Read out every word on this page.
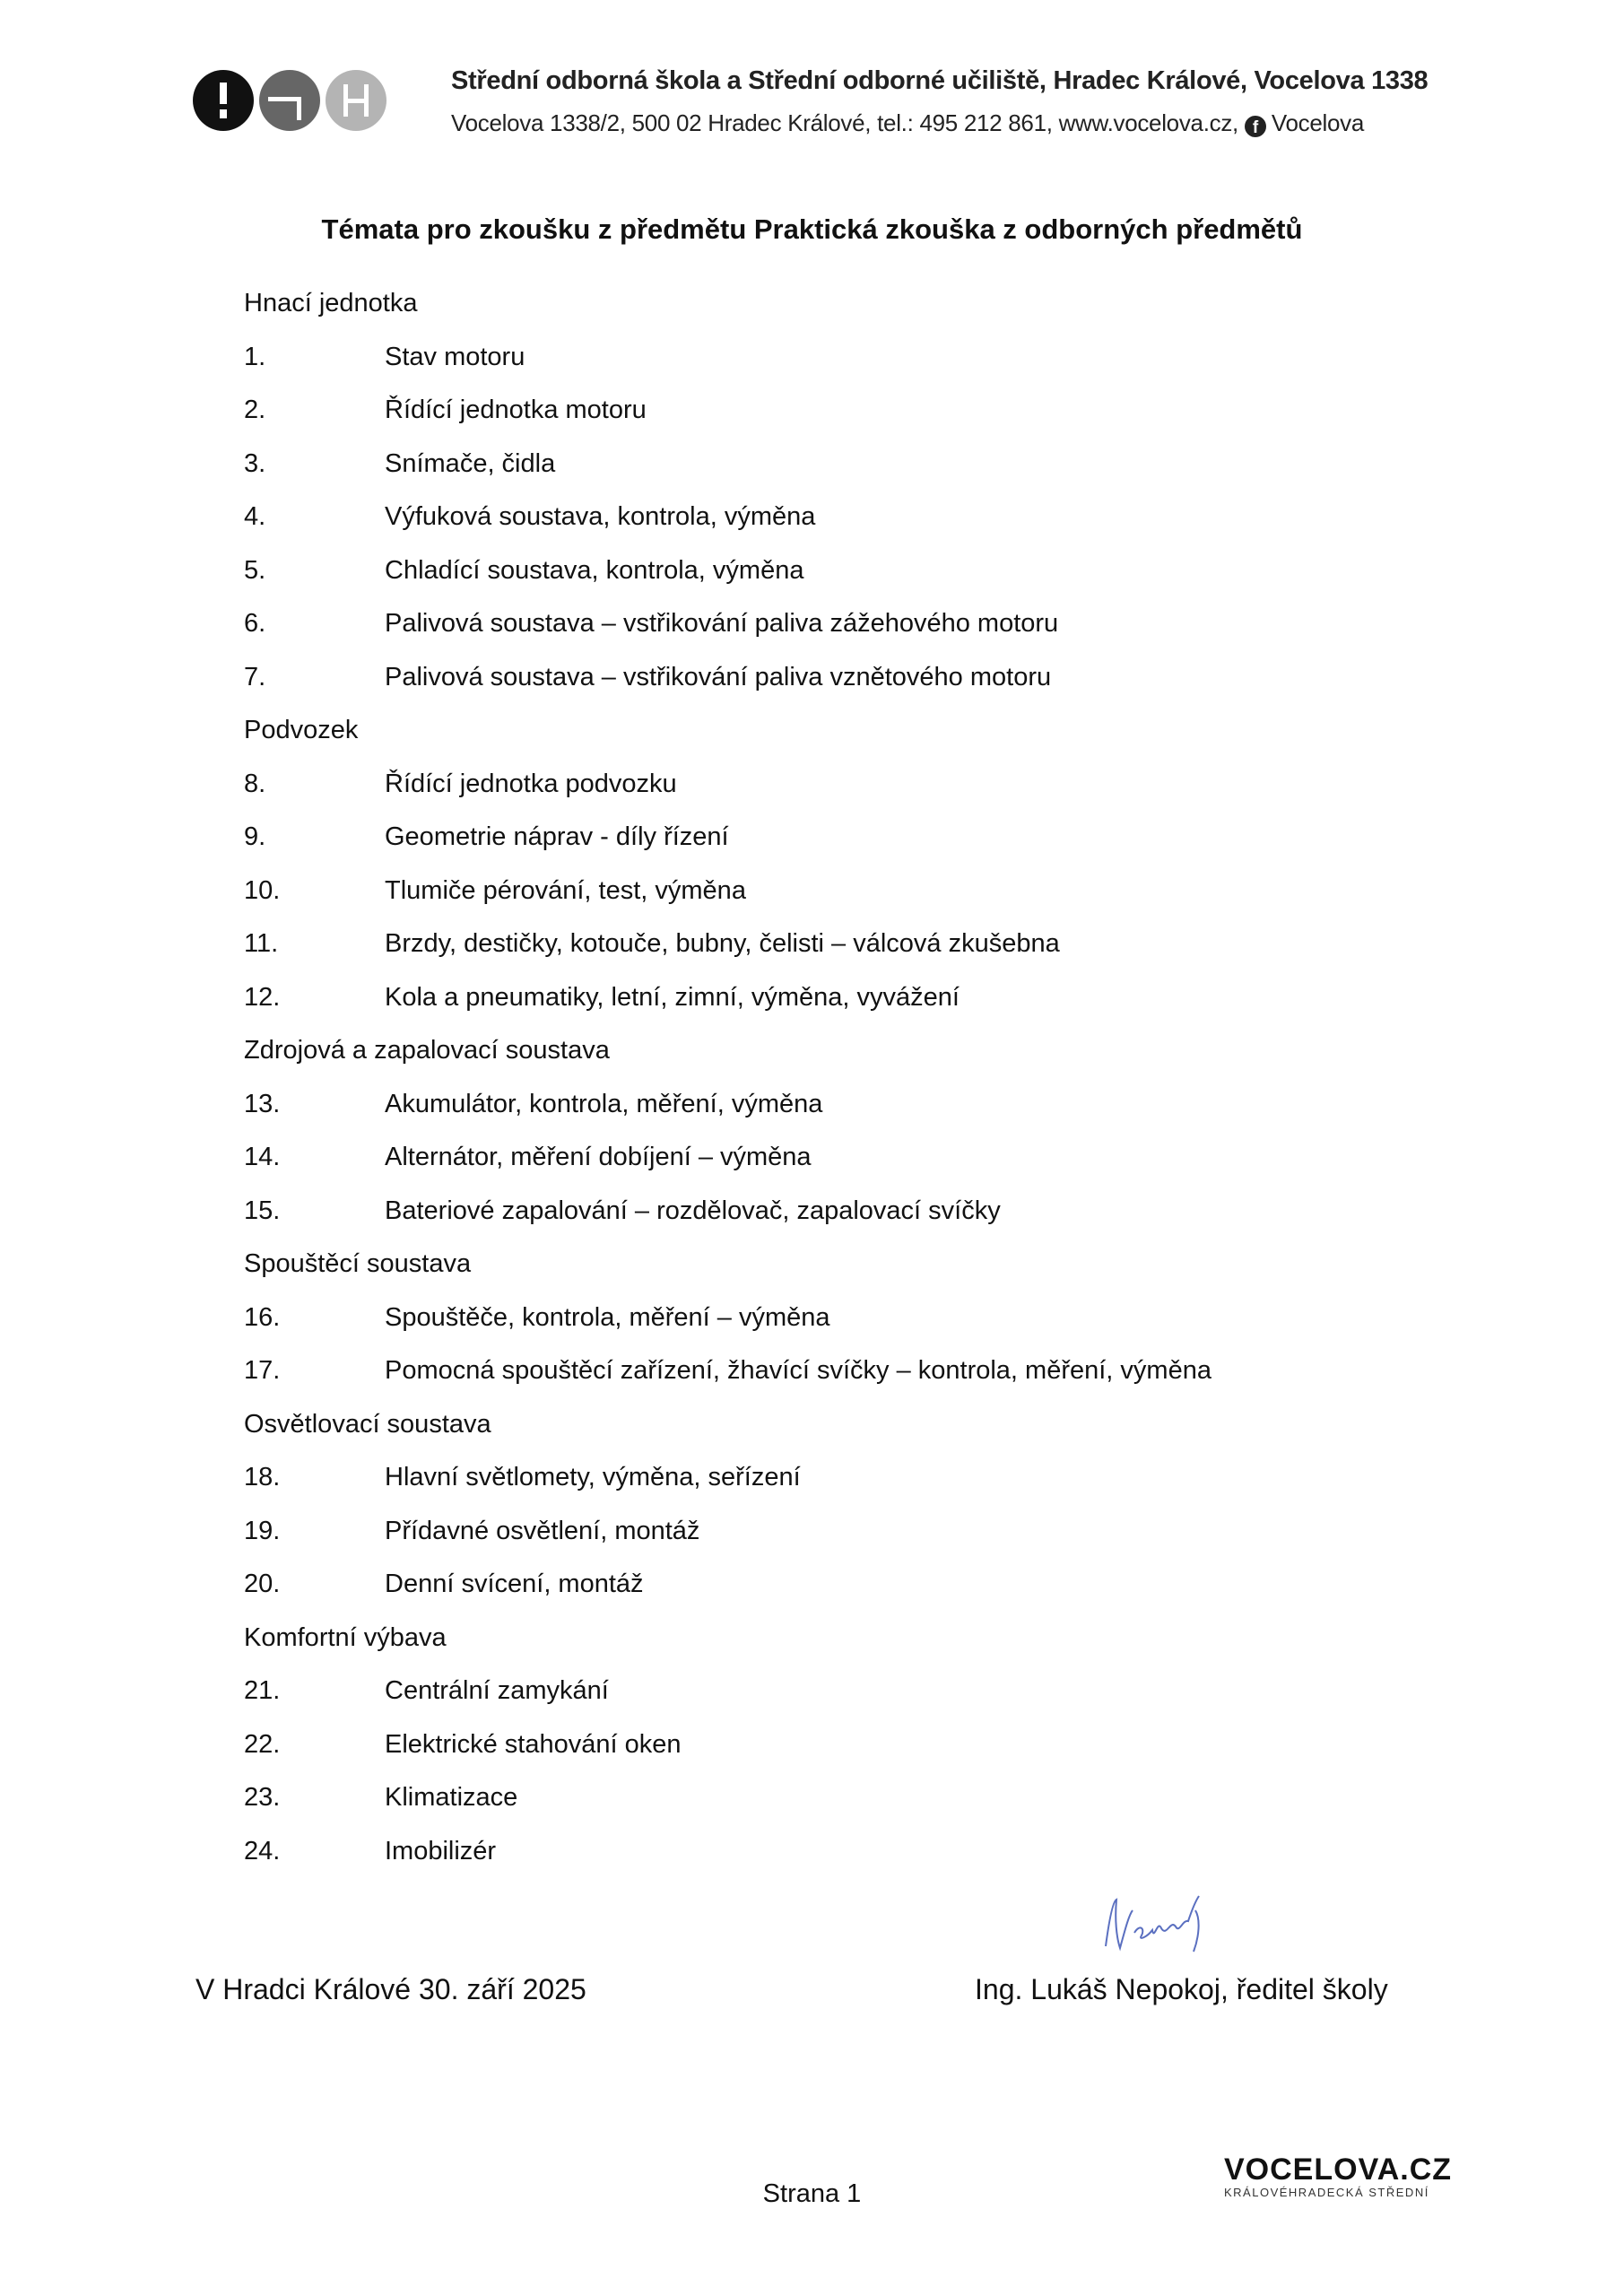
Střední odborná škola a Střední odborné učiliště, Hradec Králové, Vocelova 1338
Vocelova 1338/2, 500 02 Hradec Králové, tel.: 495 212 861, www.vocelova.cz, f Vocelova
Témata pro zkoušku z předmětu Praktická zkouška z odborných předmětů
Hnací jednotka
1.	Stav motoru
2.	Řídící jednotka motoru
3.	Snímače, čidla
4.	Výfuková soustava, kontrola, výměna
5.	Chladící soustava, kontrola, výměna
6.	Palivová soustava – vstřikování paliva zážehového motoru
7.	Palivová soustava – vstřikování paliva vznětového motoru
Podvozek
8.	Řídící jednotka podvozku
9.	Geometrie náprav - díly řízení
10.	Tlumiče pérování, test, výměna
11.	Brzdy, destičky, kotouče, bubny, čelisti – válcová zkušebna
12.	Kola a pneumatiky, letní, zimní, výměna, vyvážení
Zdrojová a zapalovací soustava
13.	Akumulátor, kontrola, měření, výměna
14.	Alternátor, měření dobíjení – výměna
15.	Bateriové zapalování – rozdělovač, zapalovací svíčky
Spouštěcí soustava
16.	Spouštěče, kontrola, měření – výměna
17.	Pomocná spouštěcí zařízení, žhavící svíčky – kontrola, měření, výměna
Osvětlovací soustava
18.	Hlavní světlomety, výměna, seřízení
19.	Přídavné osvětlení, montáž
20.	Denní svícení, montáž
Komfortní výbava
21.	Centrální zamykání
22.	Elektrické stahování oken
23.	Klimatizace
24.	Imobilizér
V Hradci Králové 30. září 2025	Ing. Lukáš Nepokoj, ředitel školy
Strana 1
VOCELOVA.CZ
KRÁLOVÉHRADECKÁ STŘEDNÍ
